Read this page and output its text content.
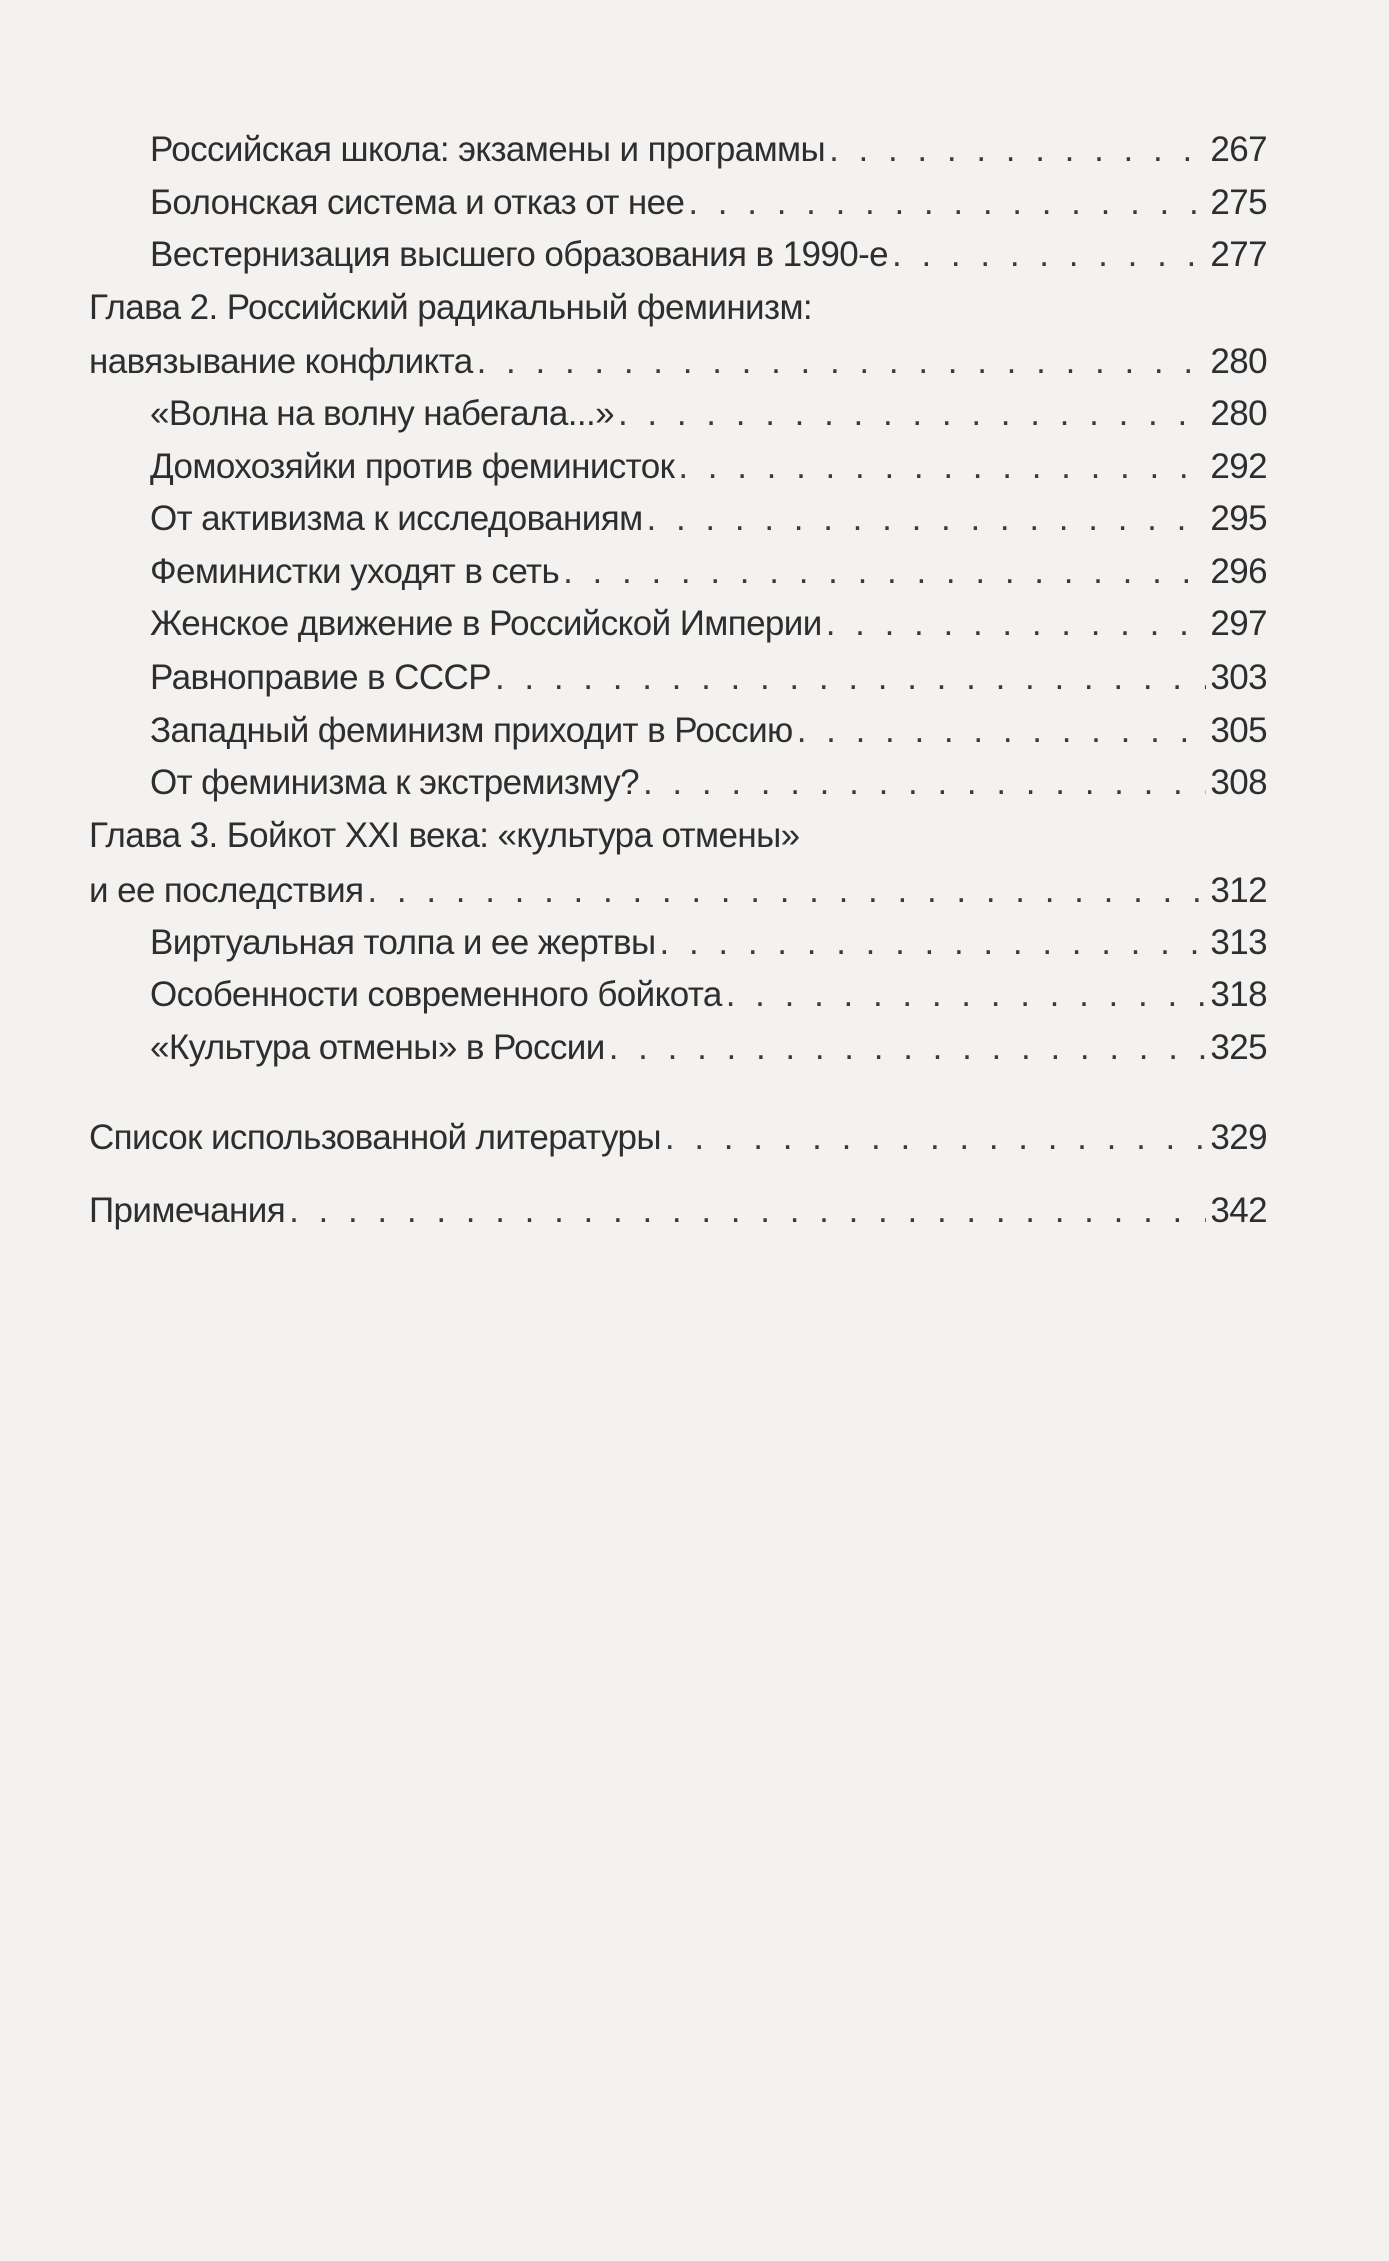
Российская школа: экзамены и программы . . .	267
Болонская система и отказ от нее . . .	275
Вестернизация высшего образования в 1990-е . . .	277
Глава 2. Российский радикальный феминизм:
навязывание конфликта . . .	280
«Волна на волну набегала...» . . .	280
Домохозяйки против феминисток . . .	292
От активизма к исследованиям . . .	295
Феминистки уходят в сеть . . .	296
Женское движение в Российской Империи . . .	297
Равноправие в СССР . . .	303
Западный феминизм приходит в Россию . . .	305
От феминизма к экстремизму? . . .	308
Глава 3. Бойкот XXI века: «культура отмены»
и ее последствия . . .	312
Виртуальная толпа и ее жертвы . . .	313
Особенности современного бойкота . . .	318
«Культура отмены» в России . . .	325
Список использованной литературы . . .	329
Примечания . . .	342
